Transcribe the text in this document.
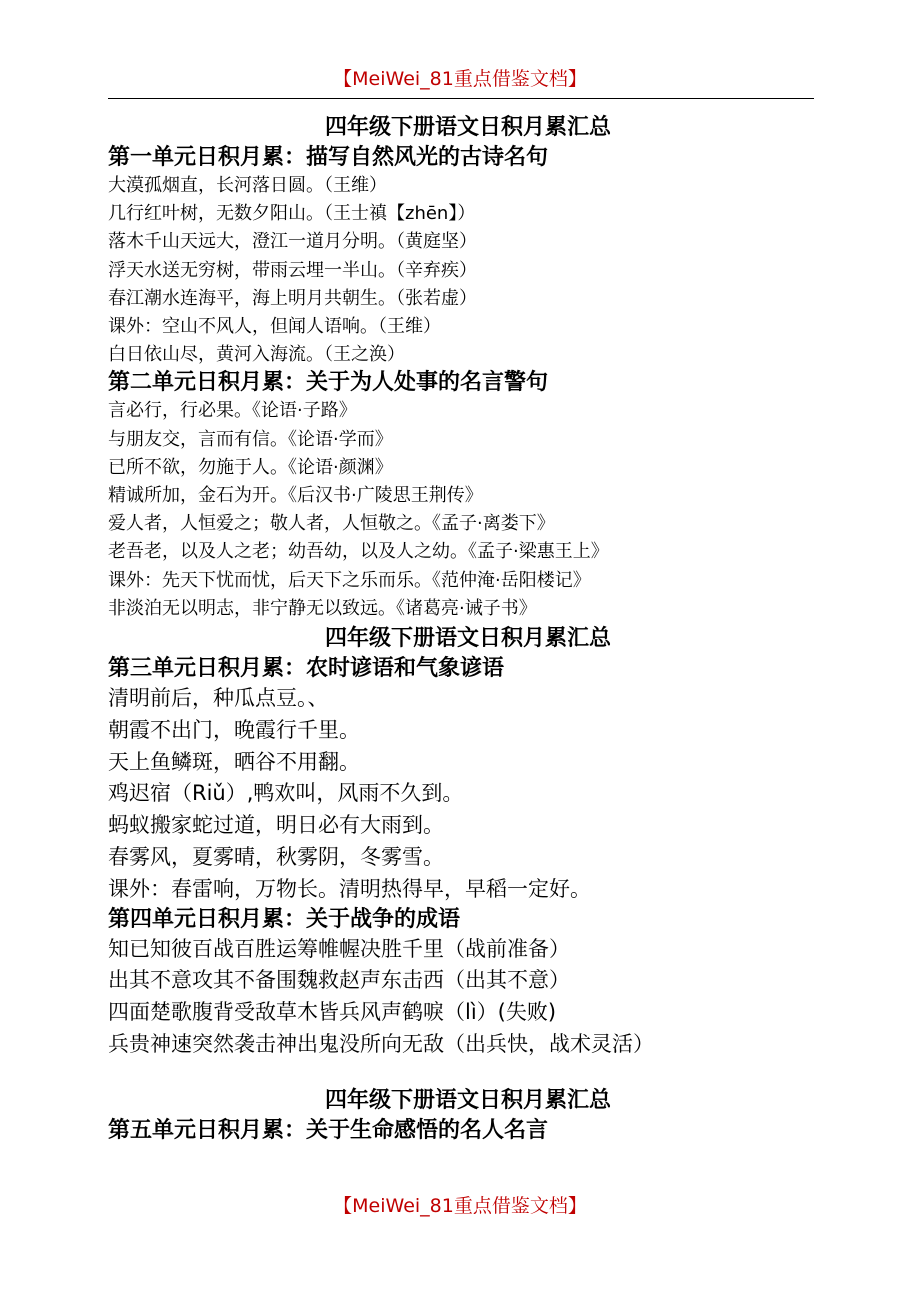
【MeiWei_81重点借鉴文档】
四年级下册语文日积月累汇总
第一单元日积月累：描写自然风光的古诗名句
大漠孤烟直，长河落日圆。（王维）
几行红叶树，无数夕阳山。（王士禛【zhēn】）
落木千山天远大，澄江一道月分明。（黄庭坚）
浮天水送无穷树，带雨云埋一半山。（辛弃疾）
春江潮水连海平，海上明月共朝生。（张若虚）
课外：空山不风人，但闻人语响。（王维）
白日依山尽，黄河入海流。（王之涣）
第二单元日积月累：关于为人处事的名言警句
言必行，行必果。《论语·子路》
与朋友交，言而有信。《论语·学而》
已所不欲，勿施于人。《论语·颜渊》
精诚所加，金石为开。《后汉书·广陵思王荆传》
爱人者，人恒爱之；敬人者，人恒敬之。《孟子·离娄下》
老吾老，以及人之老；幼吾幼，以及人之幼。《孟子·梁惠王上》
课外：先天下忧而忧，后天下之乐而乐。《范仲淹·岳阳楼记》
非淡泊无以明志，非宁静无以致远。《诸葛亮·诫子书》
四年级下册语文日积月累汇总
第三单元日积月累：农时谚语和气象谚语
清明前后，种瓜点豆。、
朝霞不出门，晚霞行千里。
天上鱼鳞斑，晒谷不用翻。
鸡迟宿（Riǔ）,鸭欢叫，风雨不久到。
蚂蚁搬家蛇过道，明日必有大雨到。
春雾风，夏雾晴，秋雾阴，冬雾雪。
课外：春雷响，万物长。清明热得早，早稻一定好。
第四单元日积月累：关于战争的成语
知已知彼百战百胜运筹帷幄决胜千里（战前准备）
出其不意攻其不备围魏救赵声东击西（出其不意）
四面楚歌腹背受敌草木皆兵风声鹤唳（lì）(失败)
兵贵神速突然袭击神出鬼没所向无敌（出兵快，战术灵活）
四年级下册语文日积月累汇总
第五单元日积月累：关于生命感悟的名人名言
【MeiWei_81重点借鉴文档】
